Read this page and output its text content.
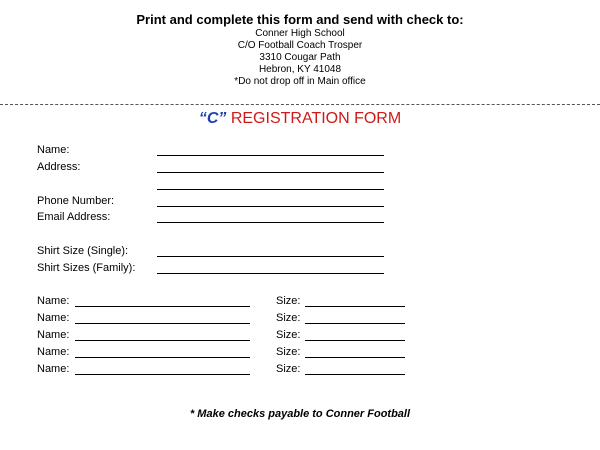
Print and complete this form and send with check to:
Conner High School
C/O Football Coach Trosper
3310 Cougar Path
Hebron, KY 41048
*Do not drop off in Main office
“C” REGISTRATION FORM
Name:
Address:
Phone Number:
Email Address:
Shirt Size (Single):
Shirt Sizes (Family):
Name:	Size:
Name:	Size:
Name:	Size:
Name:	Size:
Name:	Size:
* Make checks payable to Conner Football
